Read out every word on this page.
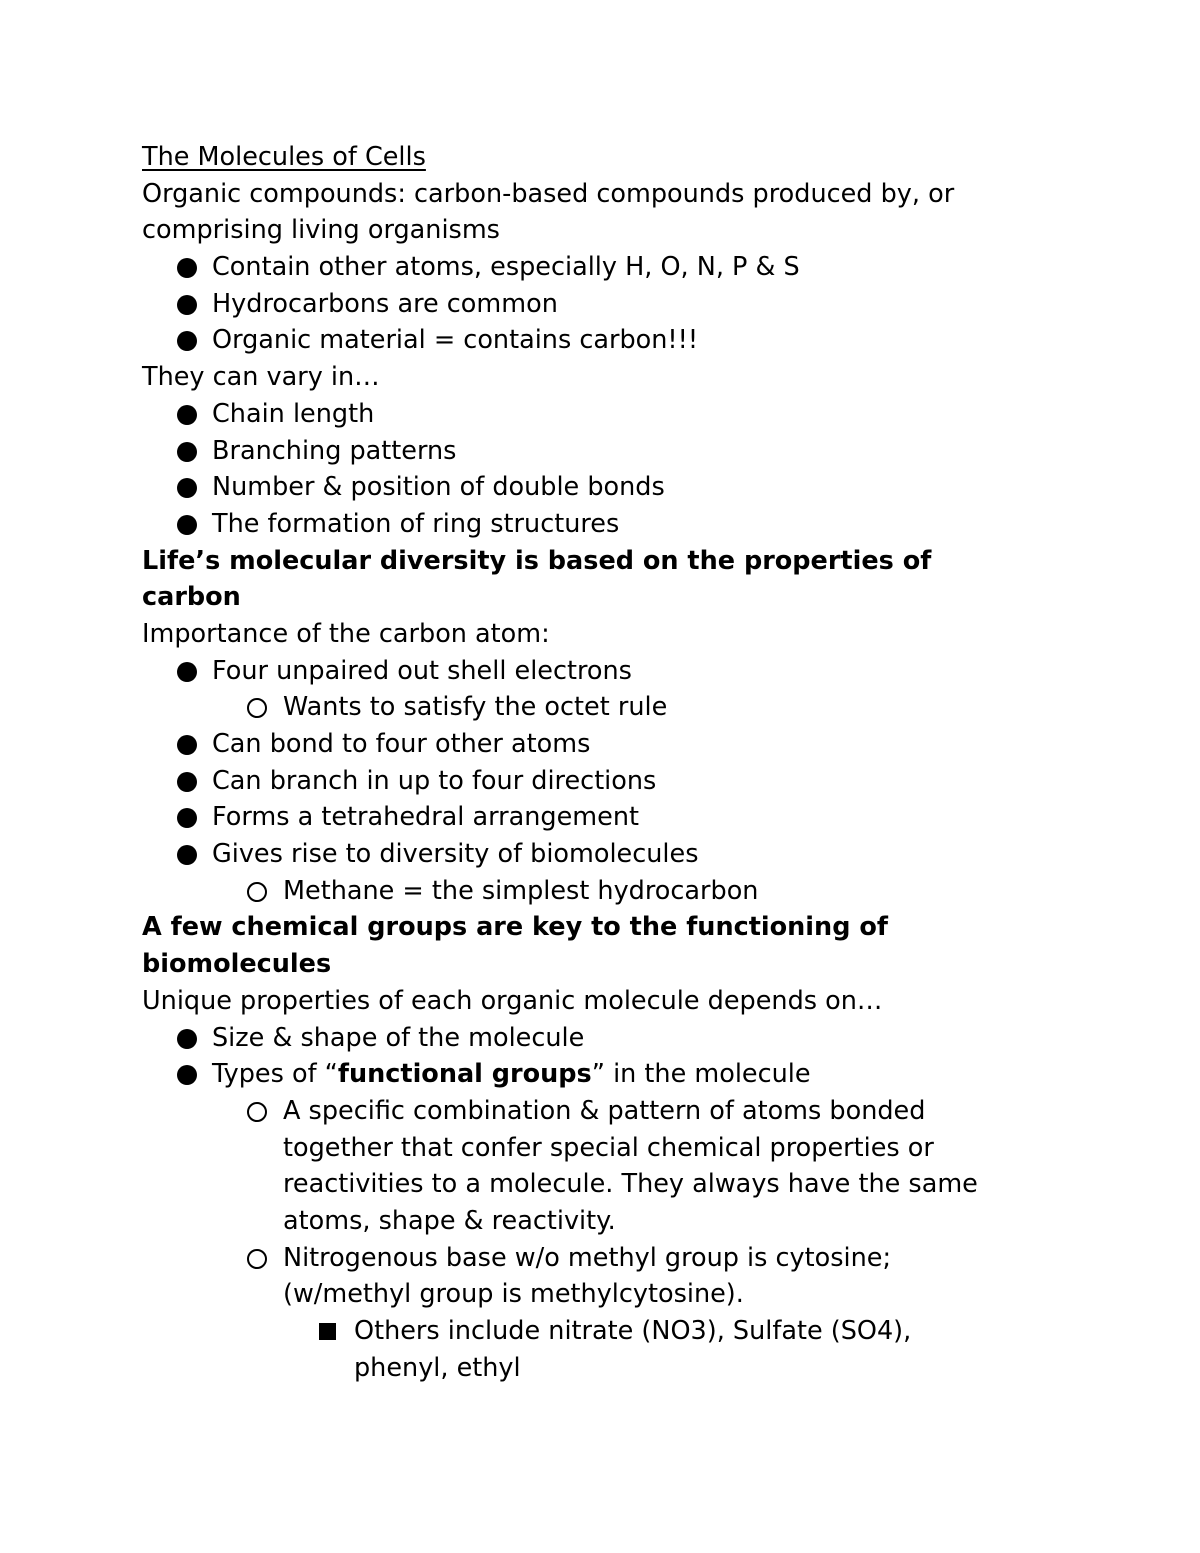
The Molecules of Cells
Organic compounds: carbon-based compounds produced by, or
comprising living organisms
Contain other atoms, especially H, O, N, P & S
Hydrocarbons are common
Organic material = contains carbon!!!
They can vary in…
Chain length
Branching patterns
Number & position of double bonds
The formation of ring structures
Life’s molecular diversity is based on the properties of
carbon
Importance of the carbon atom:
Four unpaired out shell electrons
Wants to satisfy the octet rule
Can bond to four other atoms
Can branch in up to four directions
Forms a tetrahedral arrangement
Gives rise to diversity of biomolecules
Methane = the simplest hydrocarbon
A few chemical groups are key to the functioning of
biomolecules
Unique properties of each organic molecule depends on…
Size & shape of the molecule
Types of “functional groups” in the molecule
A specific combination & pattern of atoms bonded
together that confer special chemical properties or
reactivities to a molecule. They always have the same
atoms, shape & reactivity.
Nitrogenous base w/o methyl group is cytosine;
(w/methyl group is methylcytosine).
Others include nitrate (NO3), Sulfate (SO4),
phenyl, ethyl
